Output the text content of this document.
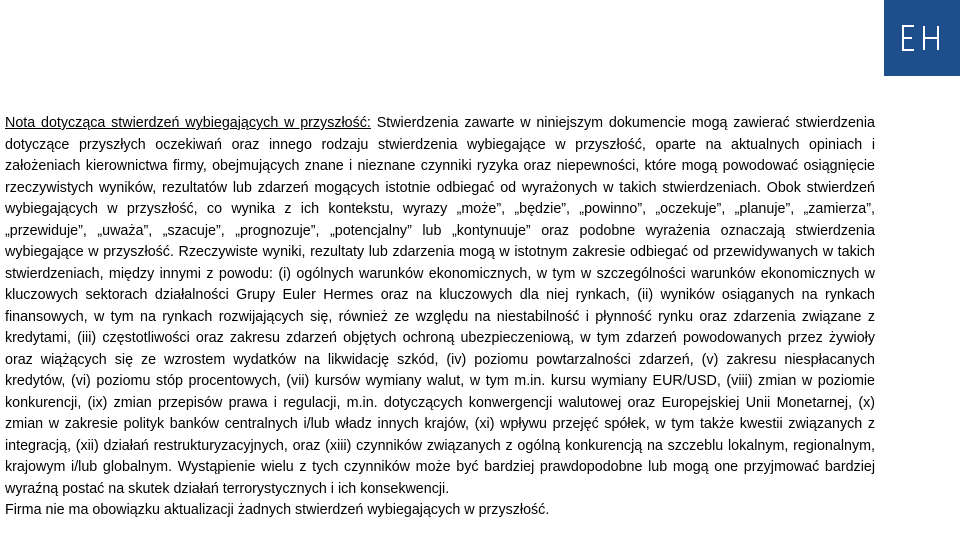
Nota dotycząca stwierdzeń wybiegających w przyszłość: Stwierdzenia zawarte w niniejszym dokumencie mogą zawierać stwierdzenia dotyczące przyszłych oczekiwań oraz innego rodzaju stwierdzenia wybiegające w przyszłość, oparte na aktualnych opiniach i założeniach kierownictwa firmy, obejmujących znane i nieznane czynniki ryzyka oraz niepewności, które mogą powodować osiągnięcie rzeczywistych wyników, rezultatów lub zdarzeń mogących istotnie odbiegać od wyrażonych w takich stwierdzeniach. Obok stwierdzeń wybiegających w przyszłość, co wynika z ich kontekstu, wyrazy „może”, „będzie”, „powinno”, „oczekuje”, „planuje”, „zamierza”, „przewiduje”, „uważa”, „szacuje”, „prognozuje”, „potencjalny” lub „kontynuuje” oraz podobne wyrażenia oznaczają stwierdzenia wybiegające w przyszłość. Rzeczywiste wyniki, rezultaty lub zdarzenia mogą w istotnym zakresie odbiegać od przewidywanych w takich stwierdzeniach, między innymi z powodu: (i) ogólnych warunków ekonomicznych, w tym w szczególności warunków ekonomicznych w kluczowych sektorach działalności Grupy Euler Hermes oraz na kluczowych dla niej rynkach, (ii) wyników osiąganych na rynkach finansowych, w tym na rynkach rozwijających się, również ze względu na niestabilność i płynność rynku oraz zdarzenia związane z kredytami, (iii) częstotliwości oraz zakresu zdarzeń objętych ochroną ubezpieczeniową, w tym zdarzeń powodowanych przez żywioły oraz wiążących się ze wzrostem wydatków na likwidację szkód, (iv) poziomu powtarzalności zdarzeń, (v) zakresu niespłacanych kredytów, (vi) poziomu stóp procentowych, (vii) kursów wymiany walut, w tym m.in. kursu wymiany EUR/USD, (viii) zmian w poziomie konkurencji, (ix) zmian przepisów prawa i regulacji, m.in. dotyczących konwergencji walutowej oraz Europejskiej Unii Monetarnej, (x) zmian w zakresie polityk banków centralnych i/lub władz innych krajów, (xi) wpływu przejęć spółek, w tym także kwestii związanych z integracją, (xii) działań restrukturyzacyjnych, oraz (xiii) czynników związanych z ogólną konkurencją na szczeblu lokalnym, regionalnym, krajowym i/lub globalnym. Wystąpienie wielu z tych czynników może być bardziej prawdopodobne lub mogą one przyjmować bardziej wyraźną postać na skutek działań terrorystycznych i ich konsekwencji.

Firma nie ma obowiązku aktualizacji żadnych stwierdzeń wybiegających w przyszłość.
